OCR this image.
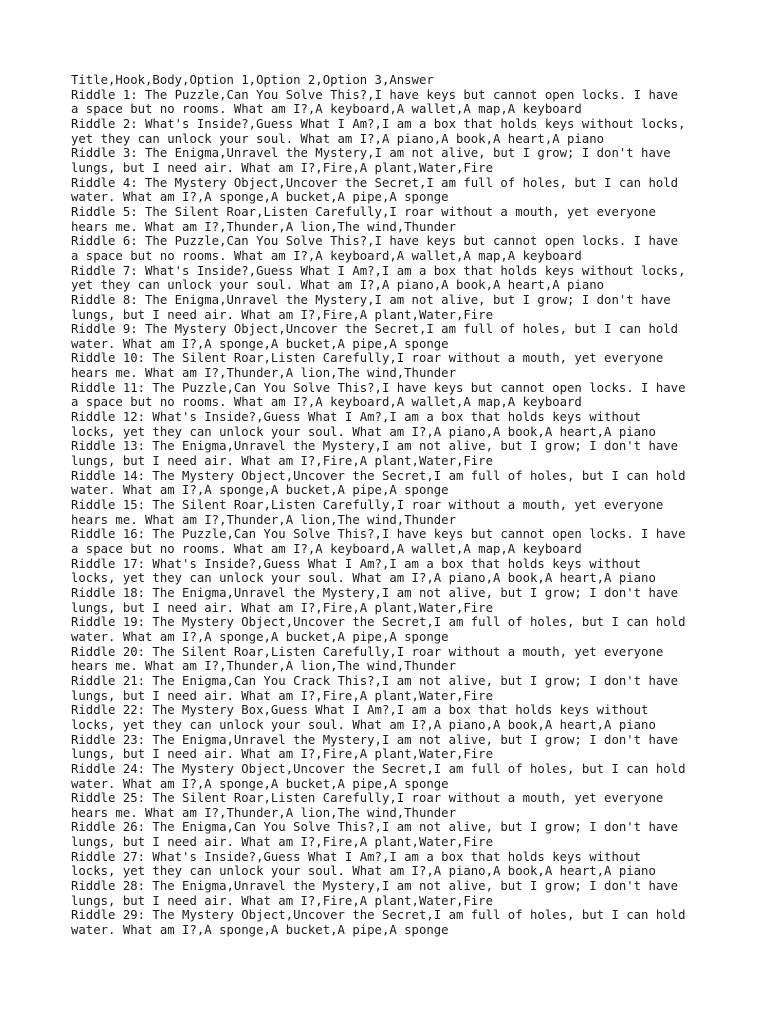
Title,Hook,Body,Option 1,Option 2,Option 3,Answer
Riddle 1: The Puzzle,Can You Solve This?,I have keys but cannot open locks. I have
a space but no rooms. What am I?,A keyboard,A wallet,A map,A keyboard
Riddle 2: What's Inside?,Guess What I Am?,I am a box that holds keys without locks,
yet they can unlock your soul. What am I?,A piano,A book,A heart,A piano
Riddle 3: The Enigma,Unravel the Mystery,I am not alive, but I grow; I don't have
lungs, but I need air. What am I?,Fire,A plant,Water,Fire
Riddle 4: The Mystery Object,Uncover the Secret,I am full of holes, but I can hold
water. What am I?,A sponge,A bucket,A pipe,A sponge
Riddle 5: The Silent Roar,Listen Carefully,I roar without a mouth, yet everyone
hears me. What am I?,Thunder,A lion,The wind,Thunder
Riddle 6: The Puzzle,Can You Solve This?,I have keys but cannot open locks. I have
a space but no rooms. What am I?,A keyboard,A wallet,A map,A keyboard
Riddle 7: What's Inside?,Guess What I Am?,I am a box that holds keys without locks,
yet they can unlock your soul. What am I?,A piano,A book,A heart,A piano
Riddle 8: The Enigma,Unravel the Mystery,I am not alive, but I grow; I don't have
lungs, but I need air. What am I?,Fire,A plant,Water,Fire
Riddle 9: The Mystery Object,Uncover the Secret,I am full of holes, but I can hold
water. What am I?,A sponge,A bucket,A pipe,A sponge
Riddle 10: The Silent Roar,Listen Carefully,I roar without a mouth, yet everyone
hears me. What am I?,Thunder,A lion,The wind,Thunder
Riddle 11: The Puzzle,Can You Solve This?,I have keys but cannot open locks. I have
a space but no rooms. What am I?,A keyboard,A wallet,A map,A keyboard
Riddle 12: What's Inside?,Guess What I Am?,I am a box that holds keys without
locks, yet they can unlock your soul. What am I?,A piano,A book,A heart,A piano
Riddle 13: The Enigma,Unravel the Mystery,I am not alive, but I grow; I don't have
lungs, but I need air. What am I?,Fire,A plant,Water,Fire
Riddle 14: The Mystery Object,Uncover the Secret,I am full of holes, but I can hold
water. What am I?,A sponge,A bucket,A pipe,A sponge
Riddle 15: The Silent Roar,Listen Carefully,I roar without a mouth, yet everyone
hears me. What am I?,Thunder,A lion,The wind,Thunder
Riddle 16: The Puzzle,Can You Solve This?,I have keys but cannot open locks. I have
a space but no rooms. What am I?,A keyboard,A wallet,A map,A keyboard
Riddle 17: What's Inside?,Guess What I Am?,I am a box that holds keys without
locks, yet they can unlock your soul. What am I?,A piano,A book,A heart,A piano
Riddle 18: The Enigma,Unravel the Mystery,I am not alive, but I grow; I don't have
lungs, but I need air. What am I?,Fire,A plant,Water,Fire
Riddle 19: The Mystery Object,Uncover the Secret,I am full of holes, but I can hold
water. What am I?,A sponge,A bucket,A pipe,A sponge
Riddle 20: The Silent Roar,Listen Carefully,I roar without a mouth, yet everyone
hears me. What am I?,Thunder,A lion,The wind,Thunder
Riddle 21: The Enigma,Can You Crack This?,I am not alive, but I grow; I don't have
lungs, but I need air. What am I?,Fire,A plant,Water,Fire
Riddle 22: The Mystery Box,Guess What I Am?,I am a box that holds keys without
locks, yet they can unlock your soul. What am I?,A piano,A book,A heart,A piano
Riddle 23: The Enigma,Unravel the Mystery,I am not alive, but I grow; I don't have
lungs, but I need air. What am I?,Fire,A plant,Water,Fire
Riddle 24: The Mystery Object,Uncover the Secret,I am full of holes, but I can hold
water. What am I?,A sponge,A bucket,A pipe,A sponge
Riddle 25: The Silent Roar,Listen Carefully,I roar without a mouth, yet everyone
hears me. What am I?,Thunder,A lion,The wind,Thunder
Riddle 26: The Enigma,Can You Solve This?,I am not alive, but I grow; I don't have
lungs, but I need air. What am I?,Fire,A plant,Water,Fire
Riddle 27: What's Inside?,Guess What I Am?,I am a box that holds keys without
locks, yet they can unlock your soul. What am I?,A piano,A book,A heart,A piano
Riddle 28: The Enigma,Unravel the Mystery,I am not alive, but I grow; I don't have
lungs, but I need air. What am I?,Fire,A plant,Water,Fire
Riddle 29: The Mystery Object,Uncover the Secret,I am full of holes, but I can hold
water. What am I?,A sponge,A bucket,A pipe,A sponge
